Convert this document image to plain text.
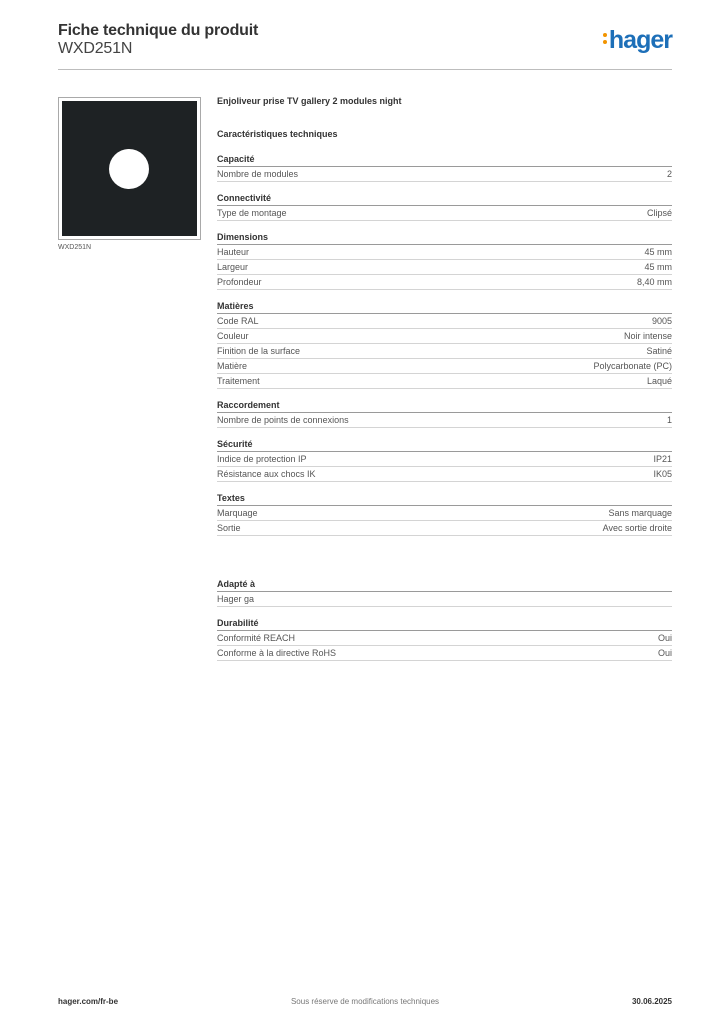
Fiche technique du produit
WXD251N	hager
WXD251N
Enjoliveur prise TV gallery 2 modules night
Caractéristiques techniques
Capacité
Nombre de modules	2
Connectivité
Type de montage	Clipsé
Dimensions
Hauteur	45 mm
Largeur	45 mm
Profondeur	8,40 mm
Matières
Code RAL	9005
Couleur	Noir intense
Finition de la surface	Satiné
Matière	Polycarbonate (PC)
Traitement	Laqué
Raccordement
Nombre de points de connexions	1
Sécurité
Indice de protection IP	IP21
Résistance aux chocs IK	IK05
Textes
Marquage	Sans marquage
Sortie	Avec sortie droite
Adapté à
Hager ga
Durabilité
Conformité REACH	Oui
Conforme à la directive RoHS	Oui
Sous réserve de modifications techniques
hager.com/fr-be	30.06.2025
